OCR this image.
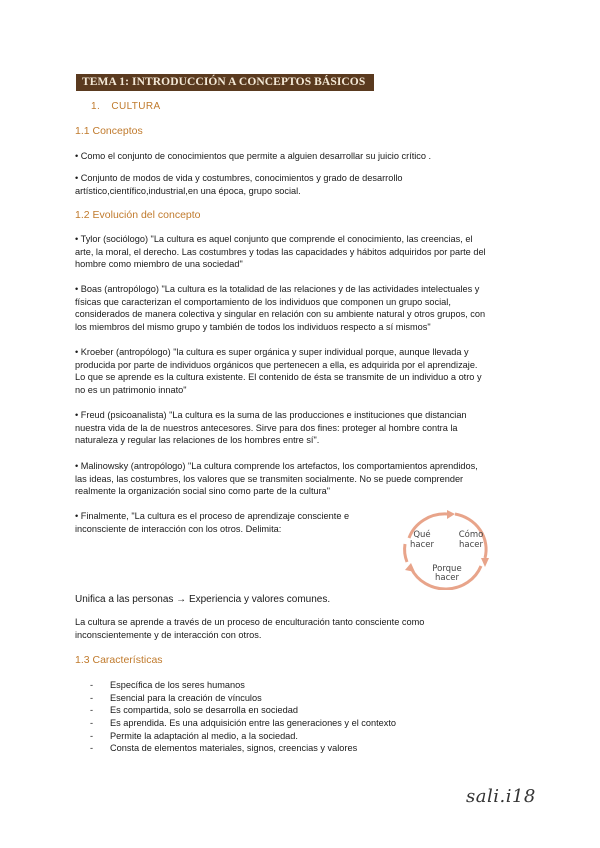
TEMA 1: INTRODUCCIÓN A CONCEPTOS BÁSICOS
1. CULTURA
1.1 Conceptos
• Como el conjunto de conocimientos que permite a alguien desarrollar su juicio crítico .
• Conjunto de modos de vida y costumbres, conocimientos y grado de desarrollo
artístico,científico,industrial,en una época, grupo social.
1.2 Evolución del concepto
• Tylor (sociólogo) "La cultura es aquel conjunto que comprende el conocimiento, las creencias, el
arte, la moral, el derecho. Las costumbres y todas las capacidades y hábitos adquiridos por parte del
hombre como miembro de una sociedad"
• Boas (antropólogo) "La cultura es la totalidad de las relaciones y de las actividades intelectuales y
físicas que caracterizan el comportamiento de los individuos que componen un grupo social,
considerados de manera colectiva y singular en relación con su ambiente natural y otros grupos, con
los miembros del mismo grupo y también de todos los individuos respecto a sí mismos"
• Kroeber (antropólogo) "la cultura es super orgánica y super individual porque, aunque llevada y
producida por parte de individuos orgánicos que pertenecen a ella, es adquirida por el aprendizaje.
Lo que se aprende es la cultura existente. El contenido de ésta se transmite de un individuo a otro y
no es un patrimonio innato"
• Freud (psicoanalista) "La cultura es la suma de las producciones e instituciones que distancian
nuestra vida de la de nuestros antecesores. Sirve para dos fines: proteger al hombre contra la
naturaleza y regular las relaciones de los hombres entre sí".
• Malinowsky (antropólogo) "La cultura comprende los artefactos, los comportamientos aprendidos,
las ideas, las costumbres, los valores que se transmiten socialmente. No se puede comprender
realmente la organización social sino como parte de la cultura"
• Finalmente, "La cultura es el proceso de aprendizaje consciente e
inconsciente de interacción con los otros. Delimita:
Qué
hacer
Cómo
hacer
Porque
hacer
Unifica a las personas → Experiencia y valores comunes.
La cultura se aprende a través de un proceso de enculturación tanto consciente como
inconscientemente y de interacción con otros.
1.3 Características
- Específica de los seres humanos
- Esencial para la creación de vínculos
- Es compartida, solo se desarrolla en sociedad
- Es aprendida. Es una adquisición entre las generaciones y el contexto
- Permite la adaptación al medio, a la sociedad.
- Consta de elementos materiales, signos, creencias y valores
sali.i18
